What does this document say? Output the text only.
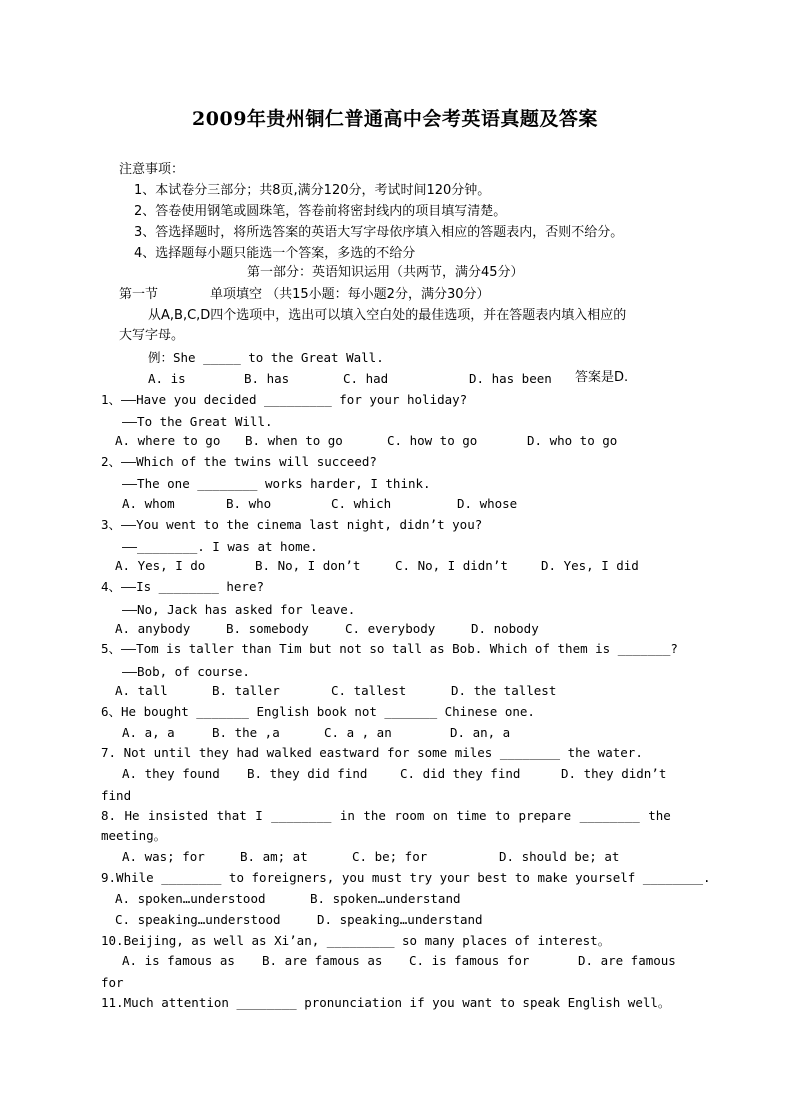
2009年贵州铜仁普通高中会考英语真题及答案
注意事项：
1、本试卷分三部分；共8页,满分120分，考试时间120分钟。
2、答卷使用钢笔或圆珠笔，答卷前将密封线内的项目填写清楚。
3、答选择题时，将所选答案的英语大写字母依序填入相应的答题表内，否则不给分。
4、选择题每小题只能选一个答案，多选的不给分
第一部分：英语知识运用（共两节，满分45分）
第一节	单项填空 （共15小题：每小题2分，满分30分）
从A,B,C,D四个选项中，选出可以填入空白处的最佳选项，并在答题表内填入相应的
大写字母。
例：She _____ to the Great Wall.
A. is	B. has	C. had	D. has been 答案是D.
1、——Have you decided _________ for your holiday?
——To the Great Will.
A. where to go B. when to go	C. how to go	D. who to go
2、——Which of the twins will succeed?
——The one ________ works harder, I think.
A. whom	B. who	C. which	D. whose
3、——You went to the cinema last night, didn’t you?
——________. I was at home.
A. Yes, I do	B. No, I don’t	C. No, I didn’t	D. Yes, I did
4、——Is ________ here?
——No, Jack has asked for leave.
A. anybody	B. somebody	C. everybody	D. nobody
5、——Tom is taller than Tim but not so tall as Bob. Which of them is _______?
——Bob, of course.
A. tall	B. taller	C. tallest	D. the tallest
6、He bought _______ English book not _______ Chinese one.
A. a, a	B. the ,a	C. a , an	D. an, a
7. Not until they had walked eastward for some miles ________ the water.
A. they found B. they did find	C. did they find	D. they didn’t
find
8. He insisted that I ________ in the room on time to prepare ________ the
meeting。
A. was; for	B. am; at	C. be; for	D. should be; at
9.While ________ to foreigners, you must try your best to make yourself ________.
A. spoken…understood	B. spoken…understand
C. speaking…understood	D. speaking…understand
10.Beijing, as well as Xi’an, _________ so many places of interest。
A. is famous as B. are famous as C. is famous for	D. are famous
for
11.Much attention ________ pronunciation if you want to speak English well。
